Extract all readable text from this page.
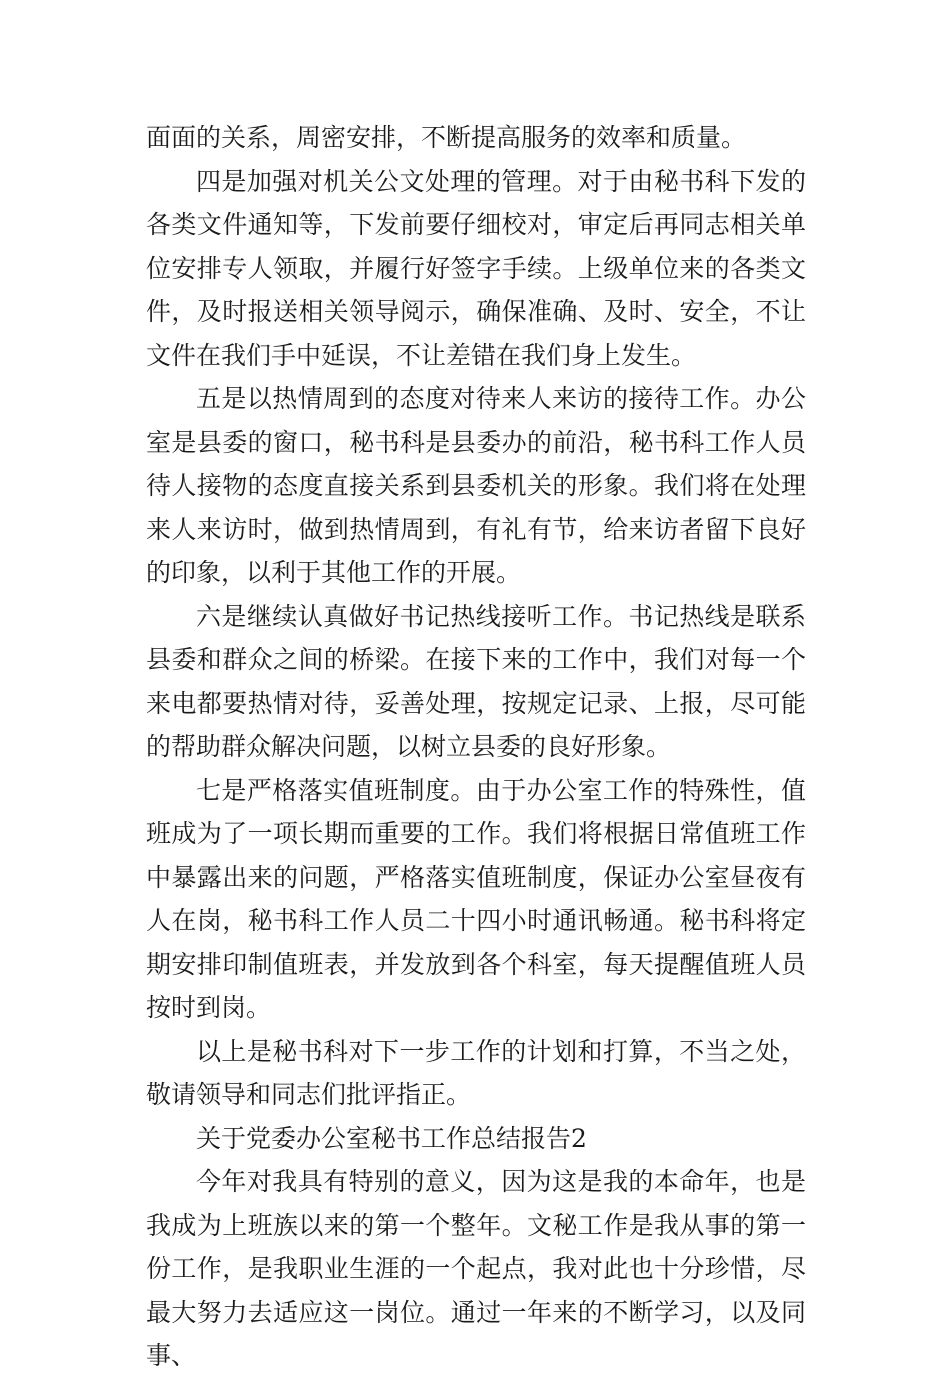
面面的关系，周密安排，不断提高服务的效率和质量。

四是加强对机关公文处理的管理。对于由秘书科下发的各类文件通知等，下发前要仔细校对，审定后再同志相关单位安排专人领取，并履行好签字手续。上级单位来的各类文件，及时报送相关领导阅示，确保准确、及时、安全，不让文件在我们手中延误，不让差错在我们身上发生。

五是以热情周到的态度对待来人来访的接待工作。办公室是县委的窗口，秘书科是县委办的前沿，秘书科工作人员待人接物的态度直接关系到县委机关的形象。我们将在处理来人来访时，做到热情周到，有礼有节，给来访者留下良好的印象，以利于其他工作的开展。

六是继续认真做好书记热线接听工作。书记热线是联系县委和群众之间的桥梁。在接下来的工作中，我们对每一个来电都要热情对待，妥善处理，按规定记录、上报，尽可能的帮助群众解决问题，以树立县委的良好形象。

七是严格落实值班制度。由于办公室工作的特殊性，值班成为了一项长期而重要的工作。我们将根据日常值班工作中暴露出来的问题，严格落实值班制度，保证办公室昼夜有人在岗，秘书科工作人员二十四小时通讯畅通。秘书科将定期安排印制值班表，并发放到各个科室，每天提醒值班人员按时到岗。

以上是秘书科对下一步工作的计划和打算，不当之处，敬请领导和同志们批评指正。

关于党委办公室秘书工作总结报告2

今年对我具有特别的意义，因为这是我的本命年，也是我成为上班族以来的第一个整年。文秘工作是我从事的第一份工作，是我职业生涯的一个起点，我对此也十分珍惜，尽最大努力去适应这一岗位。通过一年来的不断学习，以及同事、
